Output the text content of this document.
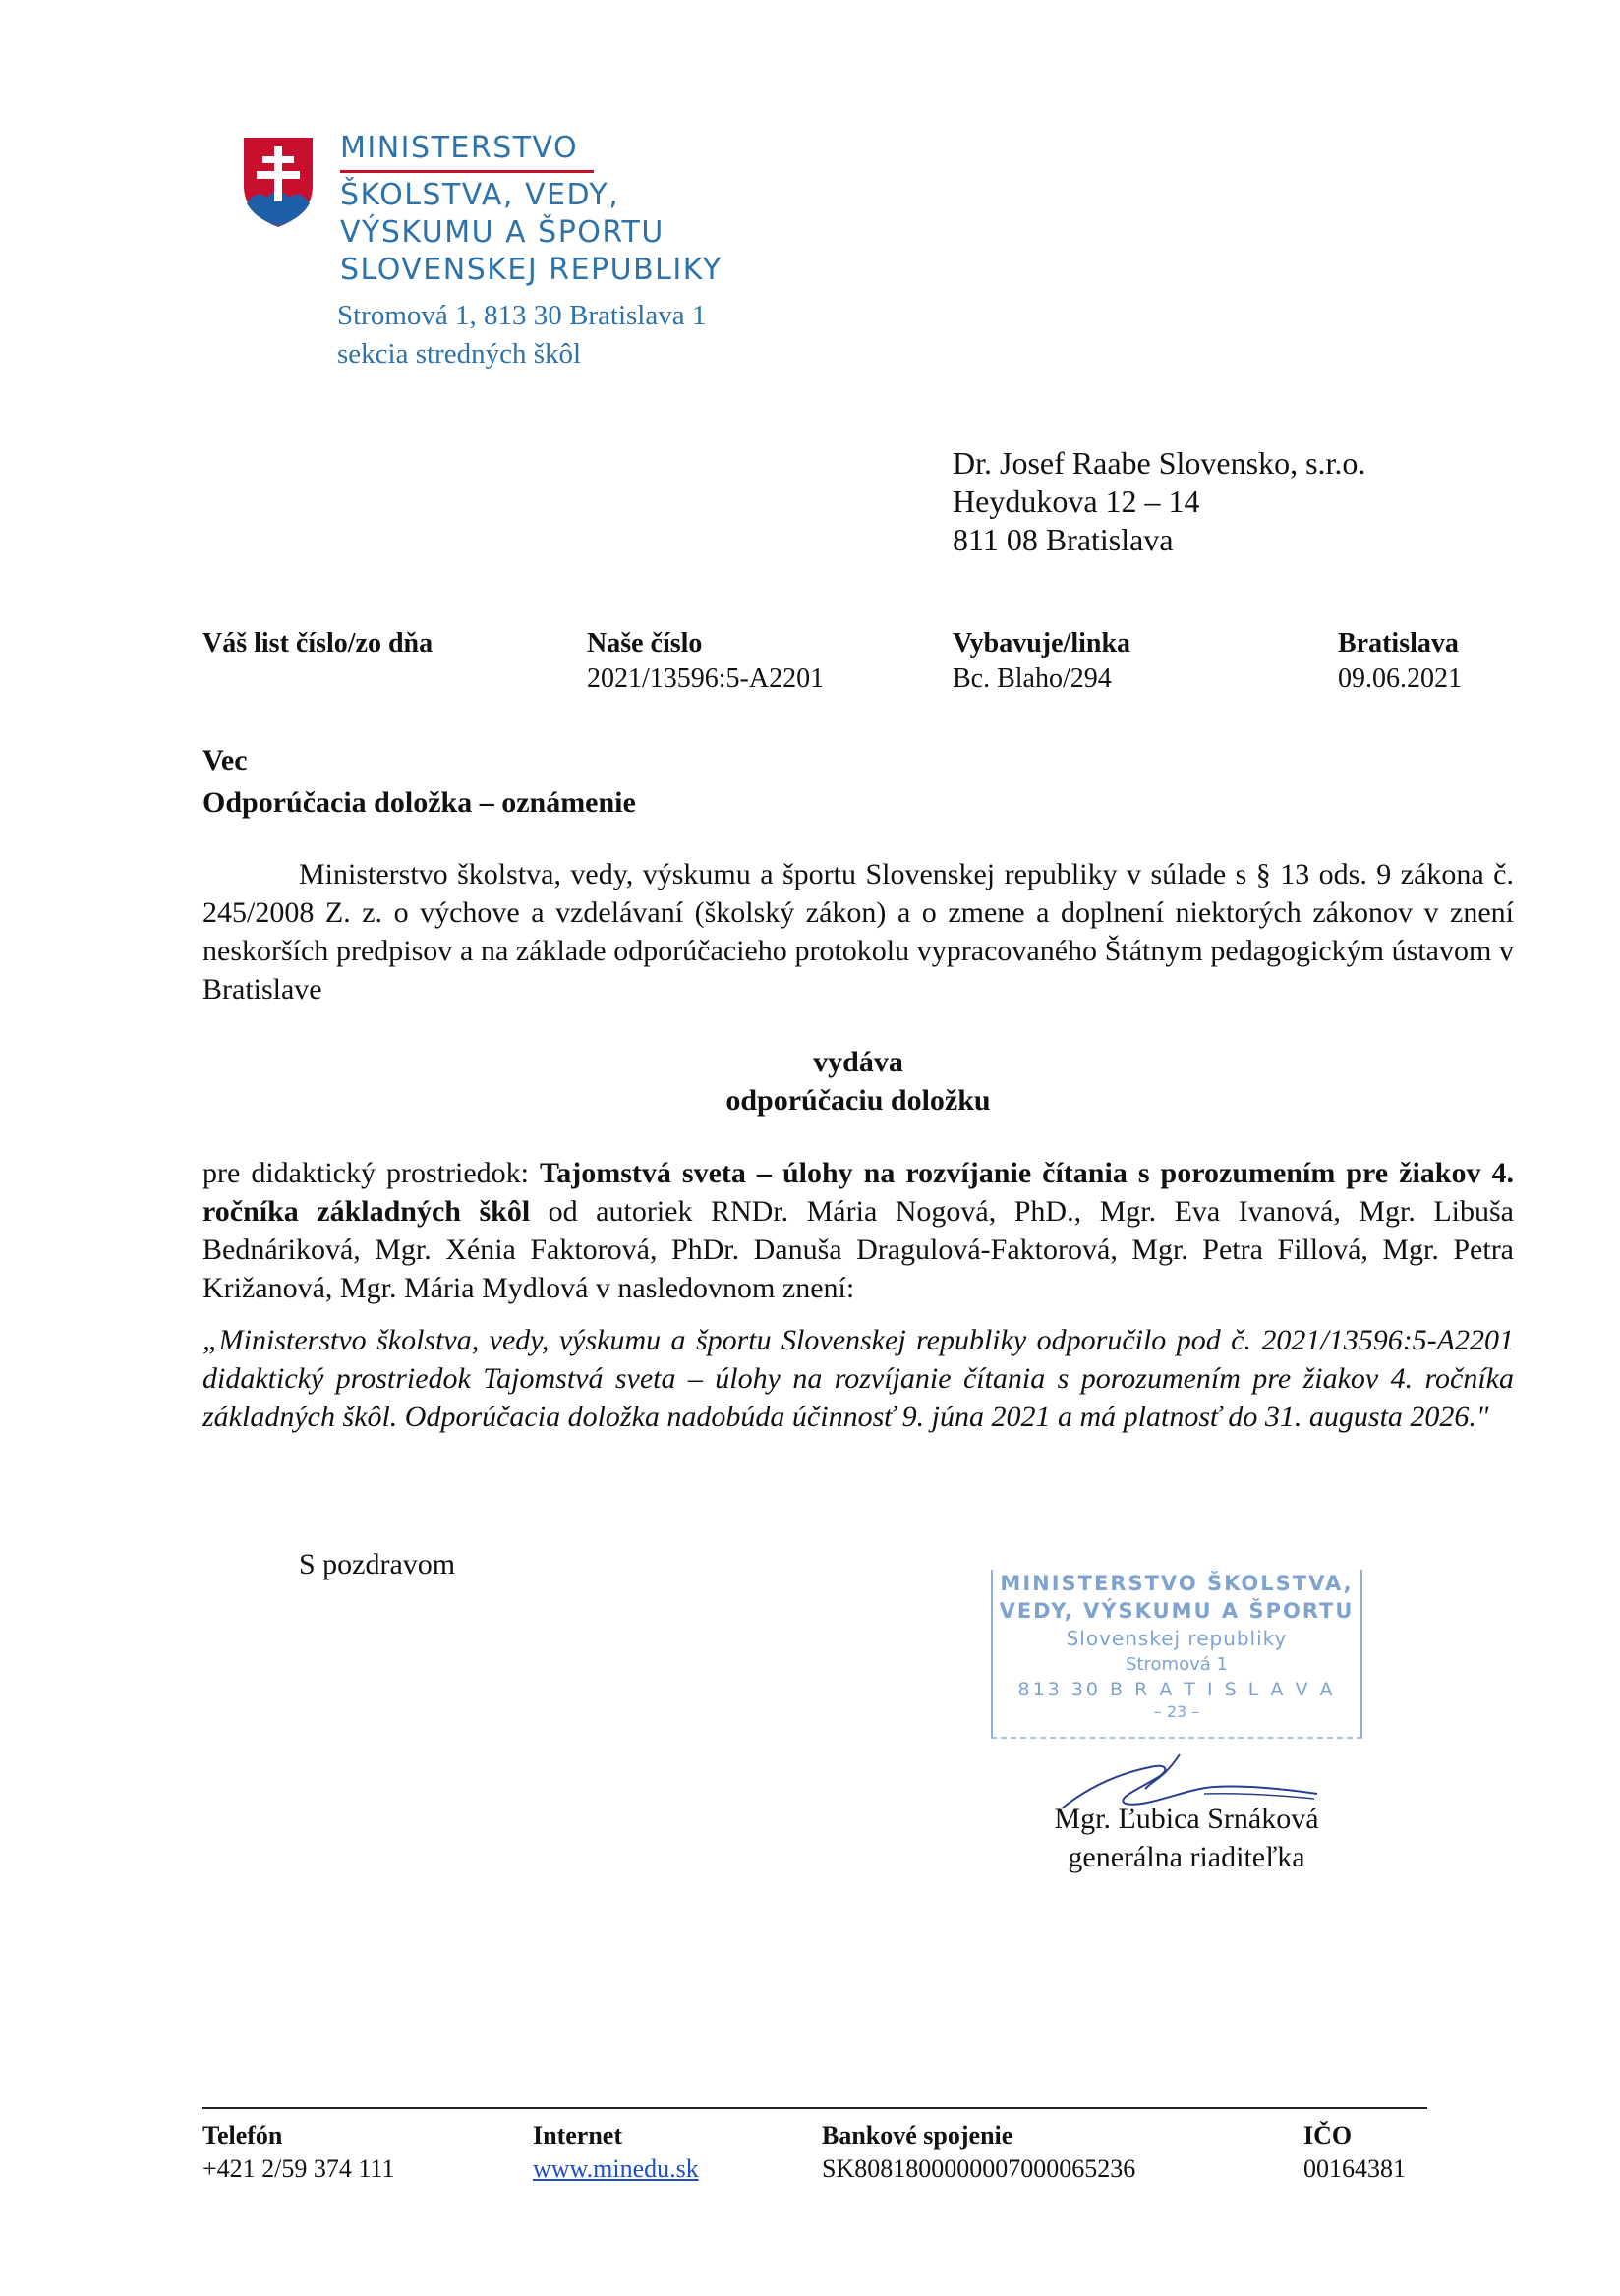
MINISTERSTVO
ŠKOLSTVA, VEDY,
VÝSKUMU A ŠPORTU
SLOVENSKEJ REPUBLIKY
Stromová 1, 813 30 Bratislava 1
sekcia stredných škôl
Dr. Josef Raabe Slovensko, s.r.o.
Heydukova 12 – 14
811 08 Bratislava
Váš list číslo/zo dňa	Naše číslo
2021/13596:5-A2201
Vybavuje/linka
Bc. Blaho/294
Bratislava
09.06.2021
Vec
Odporúčacia doložka – oznámenie
Ministerstvo školstva, vedy, výskumu a športu Slovenskej republiky v súlade s § 13 ods. 9 zákona č. 245/2008 Z. z. o výchove a vzdelávaní (školský zákon) a o zmene a doplnení niektorých zákonov v znení neskorších predpisov a na základe odporúčacieho protokolu vypracovaného Štátnym pedagogickým ústavom v Bratislave
vydáva
odporúčaciu doložku
pre didaktický prostriedok: Tajomstvá sveta – úlohy na rozvíjanie čítania s porozumením pre žiakov 4. ročníka základných škôl od autoriek RNDr. Mária Nogová, PhD., Mgr. Eva Ivanová, Mgr. Libuša Bednáriková, Mgr. Xénia Faktorová, PhDr. Danuša Dragulová-Faktorová, Mgr. Petra Fillová, Mgr. Petra Križanová, Mgr. Mária Mydlová v nasledovnom znení:
„Ministerstvo školstva, vedy, výskumu a športu Slovenskej republiky odporučilo pod č. 2021/13596:5-A2201 didaktický prostriedok Tajomstvá sveta – úlohy na rozvíjanie čítania s porozumením pre žiakov 4. ročníka základných škôl. Odporúčacia doložka nadobúda účinnosť 9. júna 2021 a má platnosť do 31. augusta 2026."
S pozdravom
MINISTERSTVO ŠKOLSTVA,
VEDY, VÝSKUMU A ŠPORTU
Slovenskej republiky
Stromová 1
813 30 B R A T I S L A V A
– 23 –
Mgr. Ľubica Srnáková
generálna riaditeľka
Telefón
+421 2/59 374 111
Internet
www.minedu.sk
Bankové spojenie
SK8081800000007000065236
IČO
00164381
